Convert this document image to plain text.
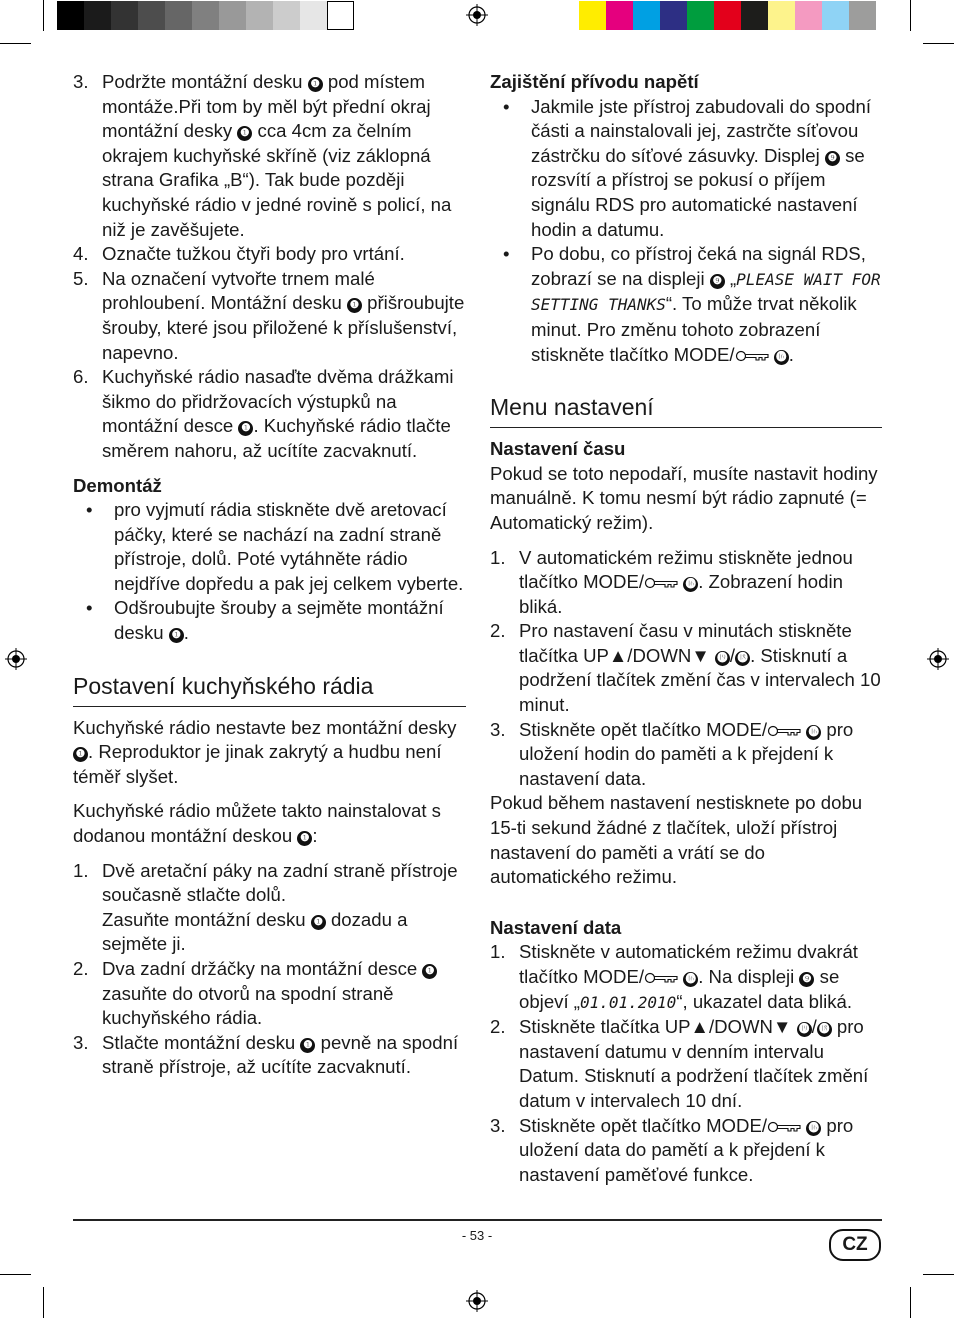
3. Podržte montážní desku ❶ pod místem montáže.Při tom by měl být přední okraj montážní desky ❶ cca 4cm za čelním okrajem kuchyňské skříně (viz záklopná strana Grafika „B“). Tak bude později kuchyňské rádio v jedné rovině s policí, na niž je zavěšujete.
4. Označte tužkou čtyři body pro vrtání.
5. Na označení vytvořte trnem malé prohloubení. Montážní desku ❶ přišroubujte šrouby, které jsou přiložené k příslušenství, napevno.
6. Kuchyňské rádio nasaďte dvěma drážkami šikmo do přidržovacích výstupků na montážní desce ❶ . Kuchyňské rádio tlačte směrem nahoru, až ucítíte zacvaknutí.

Demontáž

• pro vyjmutí rádia stiskněte dvě aretovací páčky, které se nachází na zadní straně přístroje, dolů. Poté vytáhněte rádio nejdříve dopředu a pak jej celkem vyberte.
• Odšroubujte šrouby a sejměte montážní desku ❶ .
Postavení kuchyňského rádia

Kuchyňské rádio nestavte bez montážní desky ❶ . Reproduktor je jinak zakrytý a hudbu není téměř slyšet.

Kuchyňské rádio můžete takto nainstalovat s dodanou montážní deskou ❶ :

1. Dvě aretační páky na zadní straně přístroje současně stlačte dolů.
Zasuňte montážní desku ❶ dozadu a sejměte ji.
2. Dva zadní držáčky na montážní desce ❶ zasuňte do otvorů na spodní straně kuchyňského rádia.
3. Stlačte montážní desku ❶ pevně na spodní straně přístroje, až ucítíte zacvaknutí.

Zajištění přívodu napětí

• Jakmile jste přístroj zabudovali do spodní části a nainstalovali jej, zastrčte síťovou zástrčku do síťové zásuvky. Displej ❾ se rozsvítí a přístroj se pokusí o příjem signálu RDS pro automatické nastavení hodin a datumu.
• Po dobu, co přístroj čeká na signál RDS, zobrazí se na displeji ❾ „PLEASE WAIT FOR SETTING THANKS“. To může trvat několik minut. Pro změnu tohoto zobrazení stiskněte tlačítko MODE/	⓰ .
Menu nastavení

Nastavení času

Pokud se toto nepodaří, musíte nastavit hodiny manuálně. K tomu nesmí být rádio zapnuté (= Automatický režim).

1. V automatickém režimu stiskněte jednou tlačítko MODE/	⓰ . Zobrazení hodin bliká.
2. Pro nastavení času v minutách stiskněte tlačítka UP▲/DOWN▼ ⓳ / ⓲ . Stisknutí a podržení tlačítek změní čas v intervalech 10 minut.
3. Stiskněte opět tlačítko MODE/	⓰ pro uložení hodin do paměti a k přejdení k nastavení data.

Pokud během nastavení nestisknete po dobu 15-ti sekund žádné z tlačítek, uloží přístroj nastavení do paměti a vrátí se do automatického režimu.

Nastavení data

1. Stiskněte v automatickém režimu dvakrát tlačítko MODE/	⓰ . Na displeji ❾ se objeví „01.01.2010“, ukazatel data bliká.
2. Stiskněte tlačítka UP▲/DOWN▼ ⓳ / ⓲ pro nastavení datumu v denním intervalu Datum. Stisknutí a podržení tlačítek změní datum v intervalech 10 dní.
3. Stiskněte opět tlačítko MODE/	⓰ pro uložení data do pamětí a k přejdení k nastavení paměťové funkce.
- 53 -	CZ
